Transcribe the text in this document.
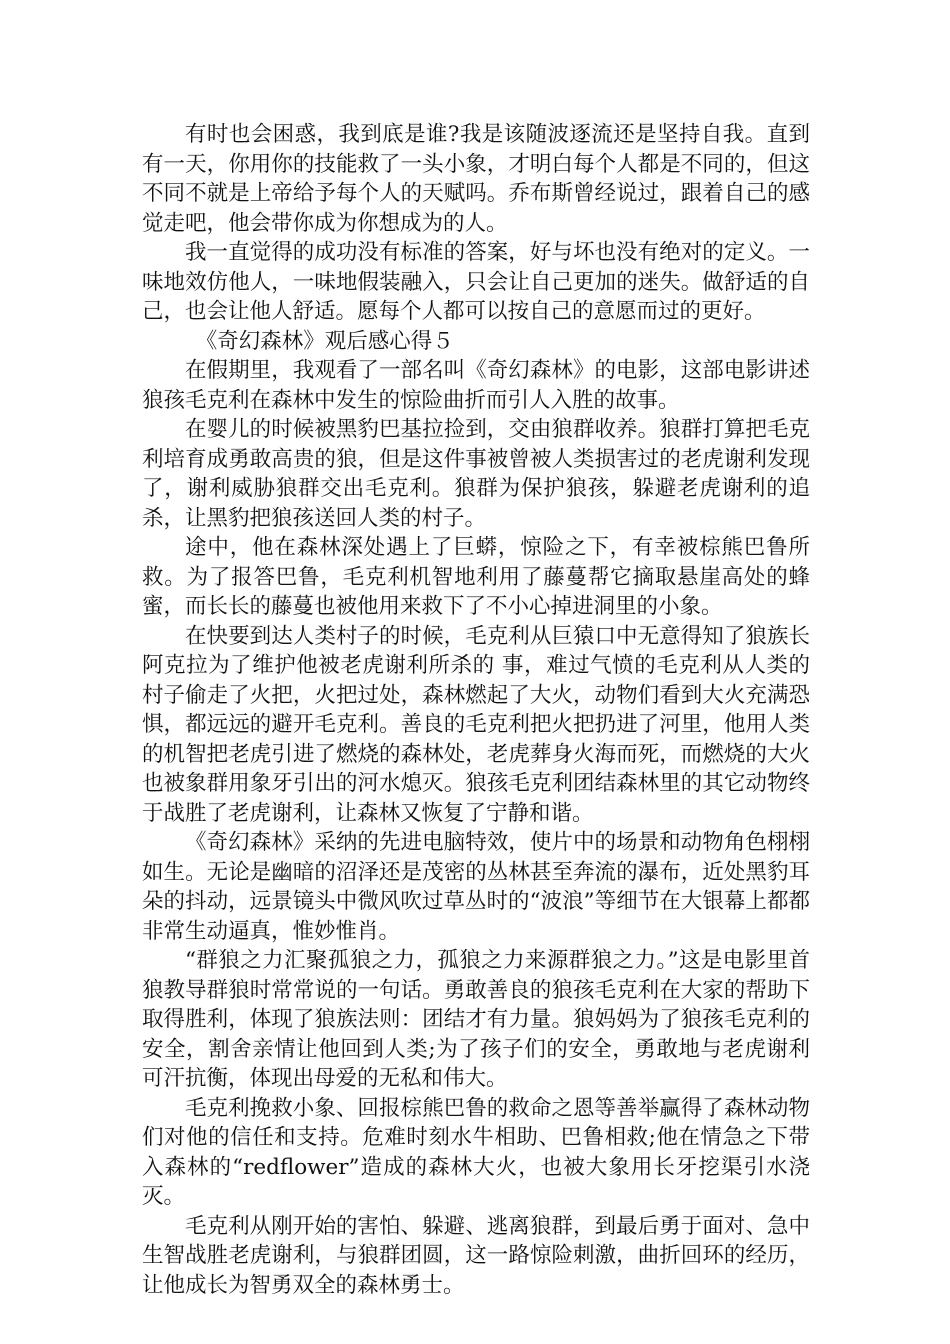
有时也会困惑，我到底是谁?我是该随波逐流还是坚持自我。直到有一天，你用你的技能救了一头小象，才明白每个人都是不同的，但这不同不就是上帝给予每个人的天赋吗。乔布斯曾经说过，跟着自己的感觉走吧，他会带你成为你想成为的人。

我一直觉得的成功没有标准的答案，好与坏也没有绝对的定义。一味地效仿他人，一味地假装融入，只会让自己更加的迷失。做舒适的自己，也会让他人舒适。愿每个人都可以按自己的意愿而过的更好。

《奇幻森林》观后感心得５

在假期里，我观看了一部名叫《奇幻森林》的电影，这部电影讲述狼孩毛克利在森林中发生的惊险曲折而引人入胜的故事。

在婴儿的时候被黑豹巴基拉捡到，交由狼群收养。狼群打算把毛克利培育成勇敢高贵的狼，但是这件事被曾被人类损害过的老虎谢利发现了，谢利威胁狼群交出毛克利。狼群为保护狼孩，躲避老虎谢利的追杀，让黑豹把狼孩送回人类的村子。

途中，他在森林深处遇上了巨蟒，惊险之下，有幸被棕熊巴鲁所救。为了报答巴鲁，毛克利机智地利用了藤蔓帮它摘取悬崖高处的蜂蜜，而长长的藤蔓也被他用来救下了不小心掉进洞里的小象。

在快要到达人类村子的时候，毛克利从巨猿口中无意得知了狼族长阿克拉为了维护他被老虎谢利所杀的 事，难过气愤的毛克利从人类的村子偷走了火把，火把过处，森林燃起了大火，动物们看到大火充满恐惧，都远远的避开毛克利。善良的毛克利把火把扔进了河里，他用人类的机智把老虎引进了燃烧的森林处，老虎葬身火海而死，而燃烧的大火也被象群用象牙引出的河水熄灭。狼孩毛克利团结森林里的其它动物终于战胜了老虎谢利，让森林又恢复了宁静和谐。

《奇幻森林》采纳的先进电脑特效，使片中的场景和动物角色栩栩如生。无论是幽暗的沼泽还是茂密的丛林甚至奔流的瀑布，近处黑豹耳朵的抖动，远景镜头中微风吹过草丛时的“波浪”等细节在大银幕上都都非常生动逼真，惟妙惟肖。

“群狼之力汇聚孤狼之力，孤狼之力来源群狼之力。”这是电影里首狼教导群狼时常常说的一句话。勇敢善良的狼孩毛克利在大家的帮助下取得胜利，体现了狼族法则：团结才有力量。狼妈妈为了狼孩毛克利的安全，割舍亲情让他回到人类;为了孩子们的安全，勇敢地与老虎谢利可汗抗衡，体现出母爱的无私和伟大。

毛克利挽救小象、回报棕熊巴鲁的救命之恩等善举赢得了森林动物们对他的信任和支持。危难时刻水牛相助、巴鲁相救;他在情急之下带入森林的“redflower”造成的森林大火，也被大象用长牙挖渠引水浇灭。

毛克利从刚开始的害怕、躲避、逃离狼群，到最后勇于面对、急中生智战胜老虎谢利，与狼群团圆，这一路惊险刺激，曲折回环的经历，让他成长为智勇双全的森林勇士。
